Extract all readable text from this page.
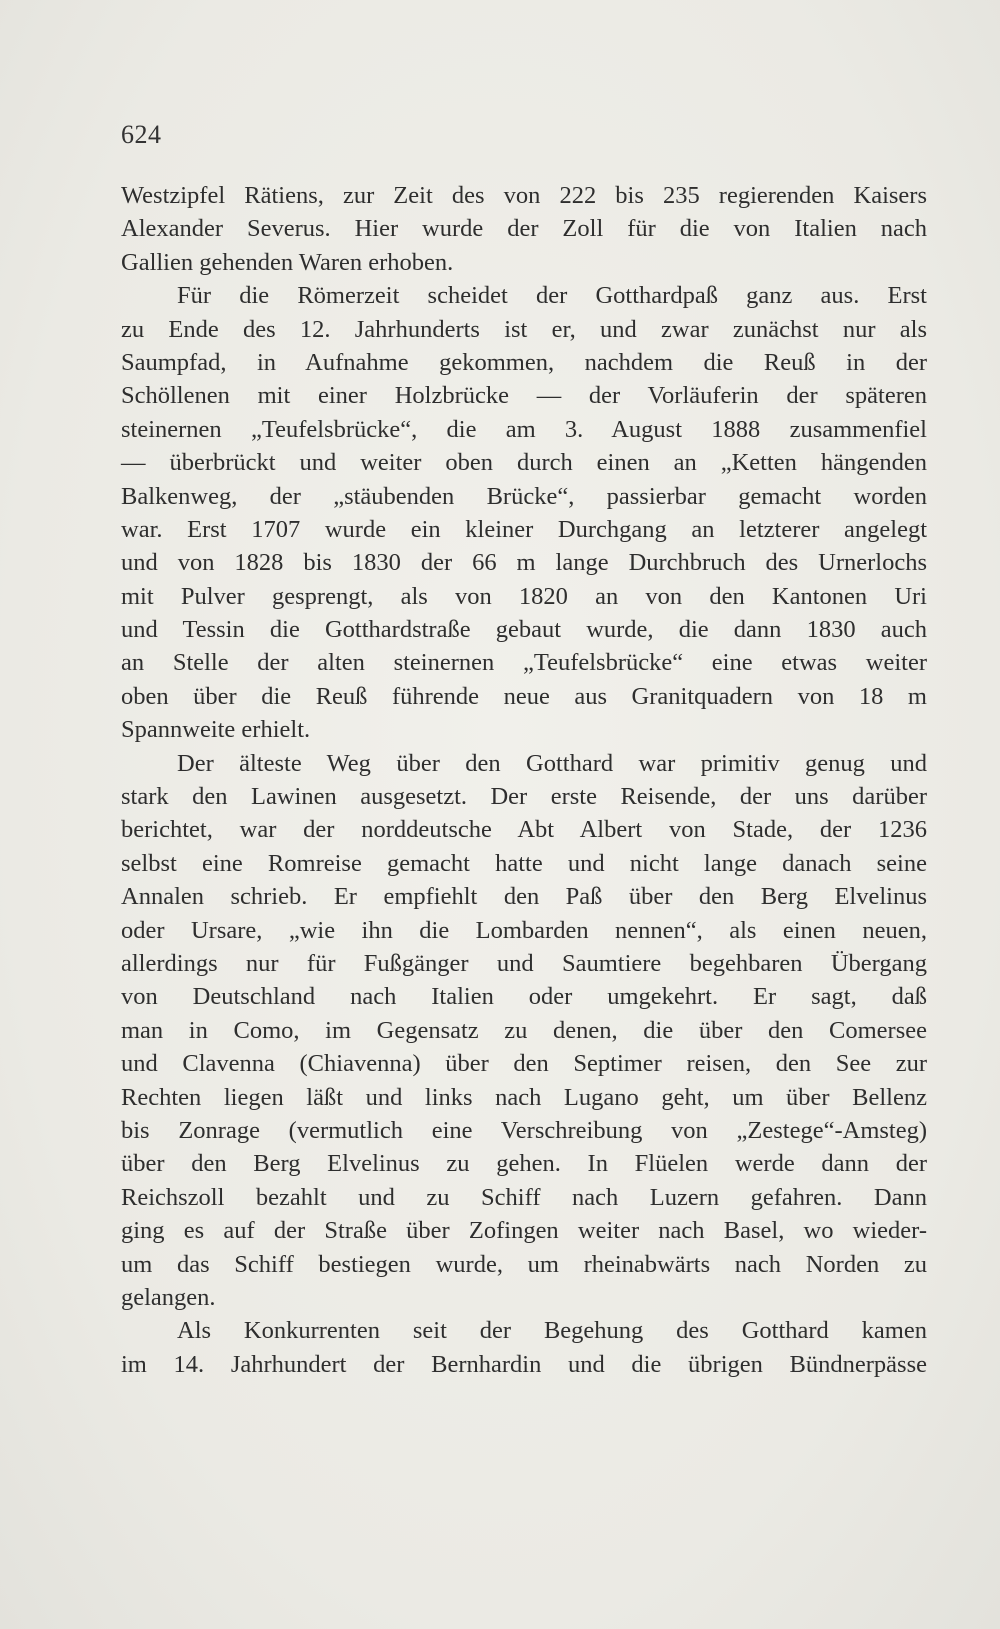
624
Westzipfel Rätiens, zur Zeit des von 222 bis 235 regierenden Kaisers
Alexander Severus. Hier wurde der Zoll für die von Italien nach
Gallien gehenden Waren erhoben.
Für die Römerzeit scheidet der Gotthardpaß ganz aus. Erst
zu Ende des 12. Jahrhunderts ist er, und zwar zunächst nur als
Saumpfad, in Aufnahme gekommen, nachdem die Reuß in der
Schöllenen mit einer Holzbrücke — der Vorläuferin der späteren
steinernen „Teufelsbrücke“, die am 3. August 1888 zusammenfiel
— überbrückt und weiter oben durch einen an „Ketten hängenden
Balkenweg, der „stäubenden Brücke“, passierbar gemacht worden
war. Erst 1707 wurde ein kleiner Durchgang an letzterer angelegt
und von 1828 bis 1830 der 66 m lange Durchbruch des Urnerlochs
mit Pulver gesprengt, als von 1820 an von den Kantonen Uri
und Tessin die Gotthardstraße gebaut wurde, die dann 1830 auch
an Stelle der alten steinernen „Teufelsbrücke“ eine etwas weiter
oben über die Reuß führende neue aus Granitquadern von 18 m
Spannweite erhielt.
Der älteste Weg über den Gotthard war primitiv genug und
stark den Lawinen ausgesetzt. Der erste Reisende, der uns darüber
berichtet, war der norddeutsche Abt Albert von Stade, der 1236
selbst eine Romreise gemacht hatte und nicht lange danach seine
Annalen schrieb. Er empfiehlt den Paß über den Berg Elvelinus
oder Ursare, „wie ihn die Lombarden nennen“, als einen neuen,
allerdings nur für Fußgänger und Saumtiere begehbaren Übergang
von Deutschland nach Italien oder umgekehrt. Er sagt, daß
man in Como, im Gegensatz zu denen, die über den Comersee
und Clavenna (Chiavenna) über den Septimer reisen, den See zur
Rechten liegen läßt und links nach Lugano geht, um über Bellenz
bis Zonrage (vermutlich eine Verschreibung von „Zestege“-Amsteg)
über den Berg Elvelinus zu gehen. In Flüelen werde dann der
Reichszoll bezahlt und zu Schiff nach Luzern gefahren. Dann
ging es auf der Straße über Zofingen weiter nach Basel, wo wieder-
um das Schiff bestiegen wurde, um rheinabwärts nach Norden zu
gelangen.
Als Konkurrenten seit der Begehung des Gotthard kamen
im 14. Jahrhundert der Bernhardin und die übrigen Bündnerpässe
